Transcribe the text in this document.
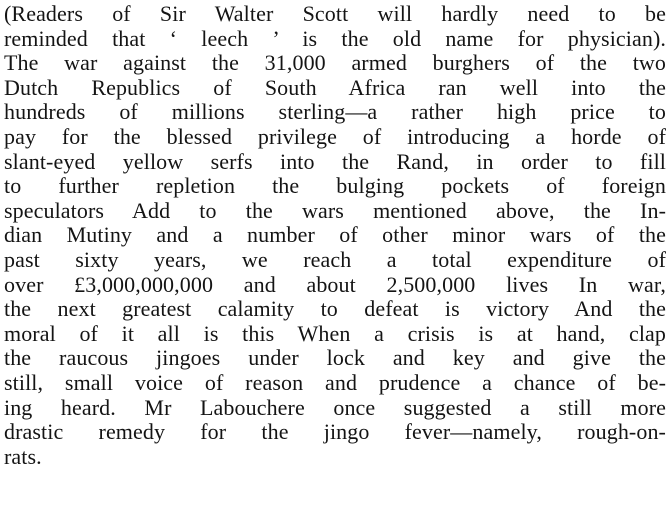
(Readers of Sir Walter Scott will hardly need to be
reminded that ‘ leech ’ is the old name for physician).
The war against the 31,000 armed burghers of the two
Dutch Republics of South Africa ran well into the
hundreds of millions sterling—a rather high price to
pay for the blessed privilege of introducing a horde of
slant-eyed yellow serfs into the Rand, in order to fill
to further repletion the bulging pockets of foreign
speculators Add to the wars mentioned above, the In-
dian Mutiny and a number of other minor wars of the
past sixty years, we reach a total expenditure of
over £3,000,000,000 and about 2,500,000 lives In war,
the next greatest calamity to defeat is victory And the
moral of it all is this When a crisis is at hand, clap
the raucous jingoes under lock and key and give the
still, small voice of reason and prudence a chance of be-
ing heard. Mr Labouchere once suggested a still more
drastic remedy for the jingo fever—namely, rough-on-
rats.
